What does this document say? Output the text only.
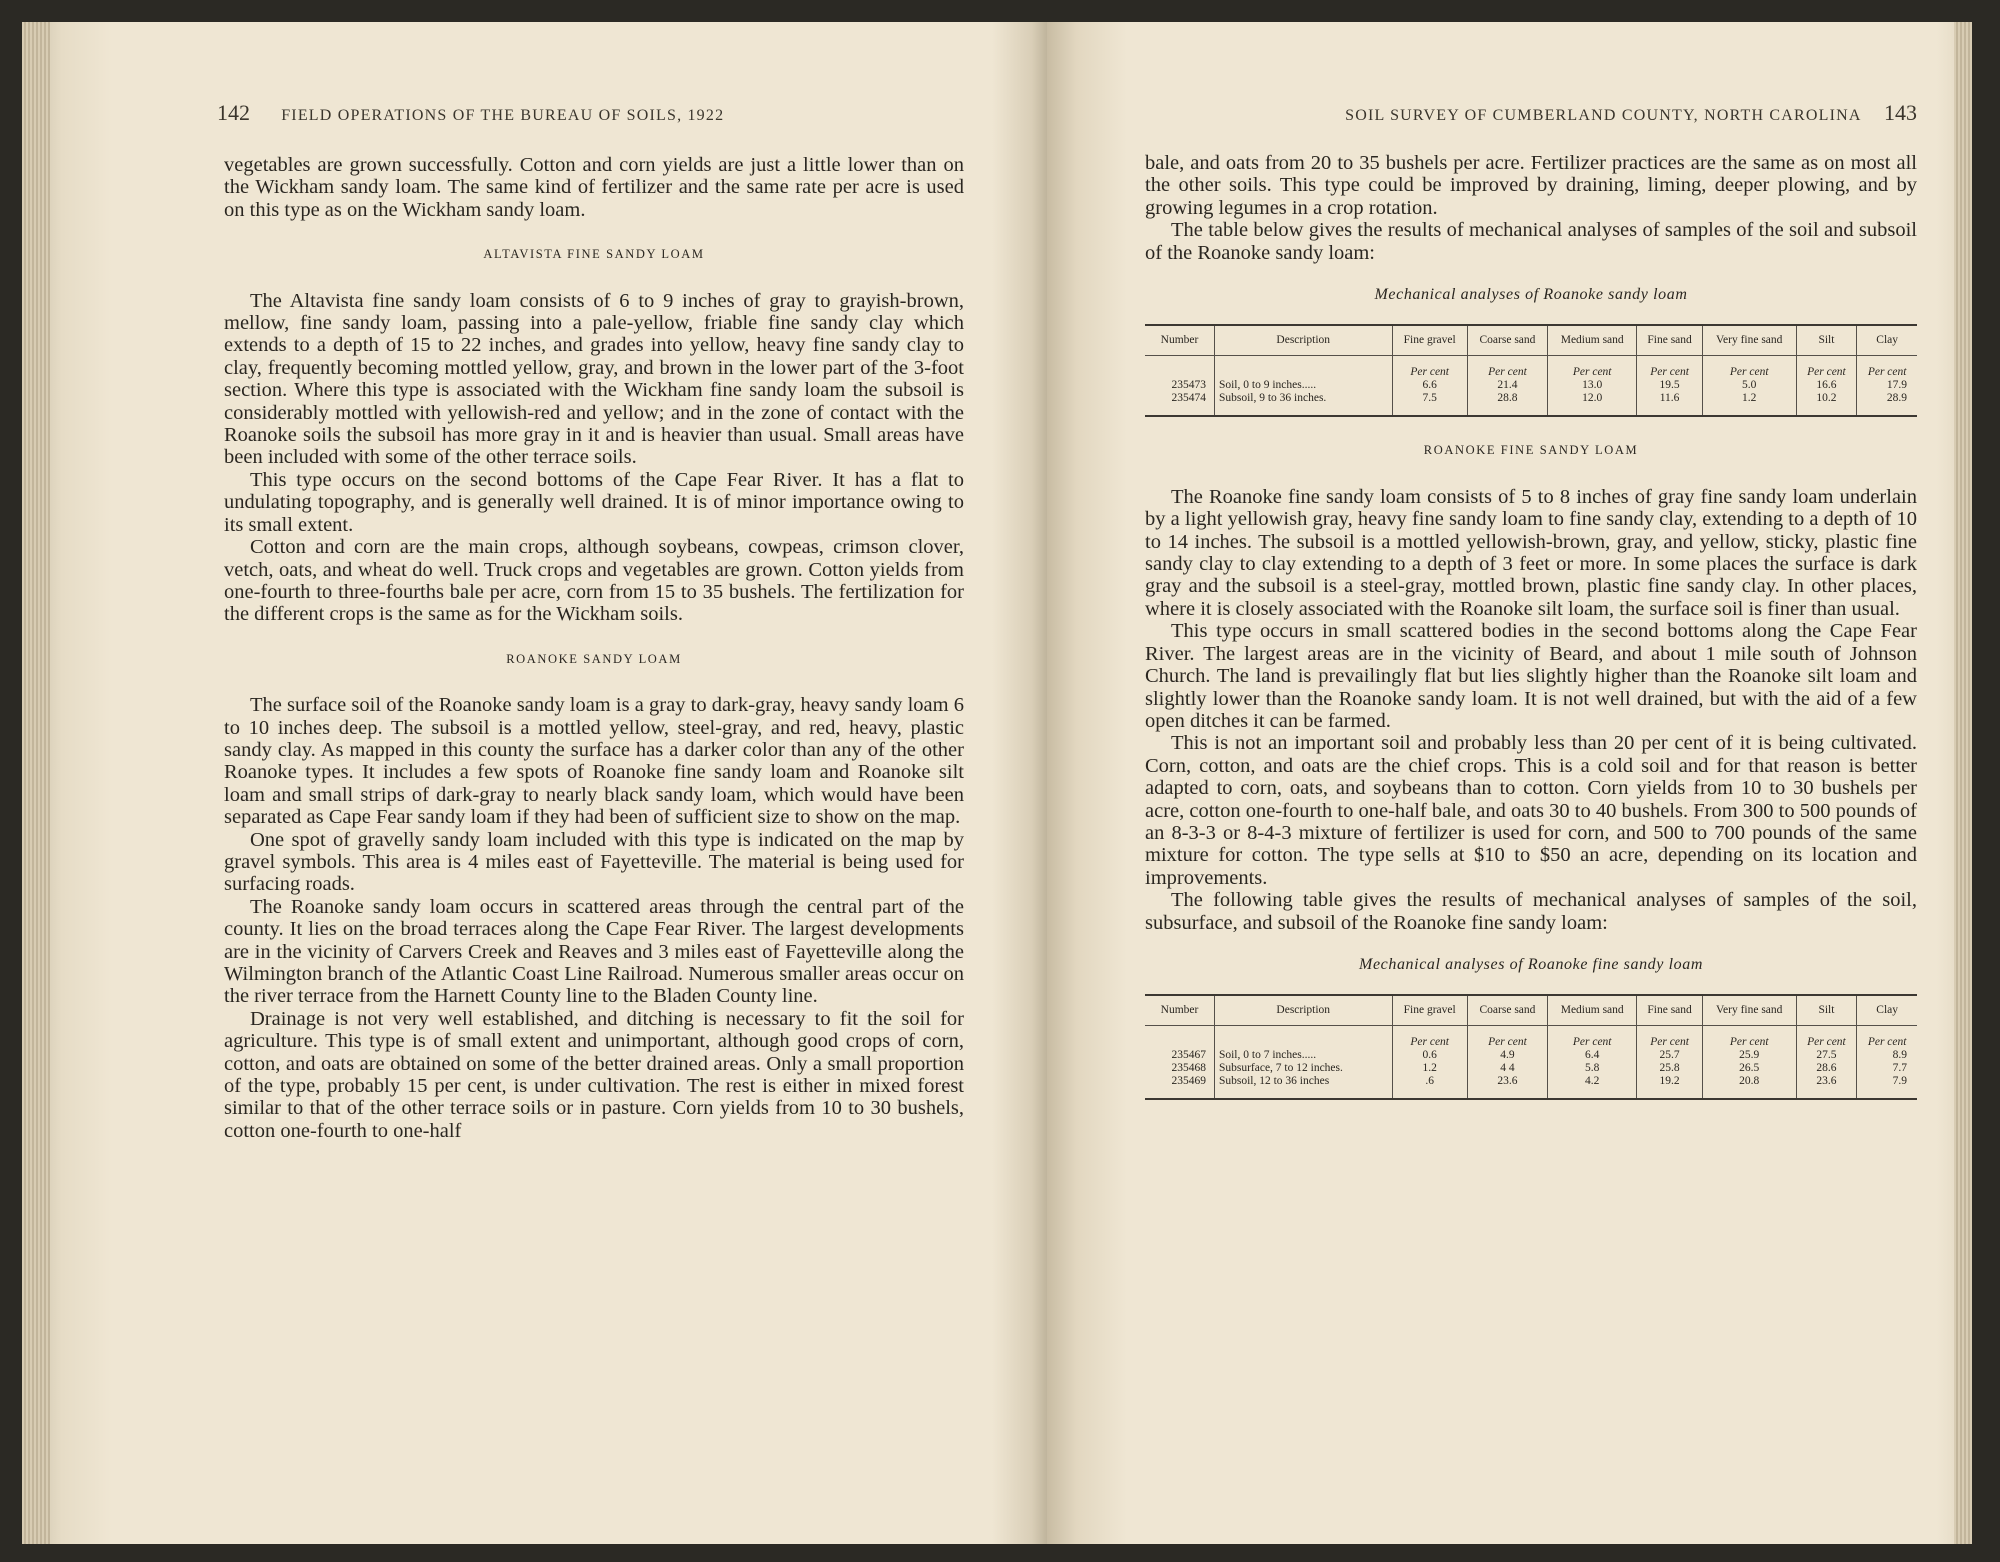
142 FIELD OPERATIONS OF THE BUREAU OF SOILS, 1922

vegetables are grown successfully. Cotton and corn yields are just a little lower than on the Wickham sandy loam. The same kind of fertilizer and the same rate per acre is used on this type as on the Wickham sandy loam.

ALTAVISTA FINE SANDY LOAM

The Altavista fine sandy loam consists of 6 to 9 inches of gray to grayish-brown, mellow, fine sandy loam, passing into a pale-yellow, friable fine sandy clay which extends to a depth of 15 to 22 inches, and grades into yellow, heavy fine sandy clay to clay, frequently becoming mottled yellow, gray, and brown in the lower part of the 3-foot section. Where this type is associated with the Wickham fine sandy loam the subsoil is considerably mottled with yellowish-red and yellow; and in the zone of contact with the Roanoke soils the subsoil has more gray in it and is heavier than usual. Small areas have been included with some of the other terrace soils.

This type occurs on the second bottoms of the Cape Fear River. It has a flat to undulating topography, and is generally well drained. It is of minor importance owing to its small extent.

Cotton and corn are the main crops, although soybeans, cowpeas, crimson clover, vetch, oats, and wheat do well. Truck crops and vegetables are grown. Cotton yields from one-fourth to three-fourths bale per acre, corn from 15 to 35 bushels. The fertilization for the different crops is the same as for the Wickham soils.

ROANOKE SANDY LOAM

The surface soil of the Roanoke sandy loam is a gray to dark-gray, heavy sandy loam 6 to 10 inches deep. The subsoil is a mottled yellow, steel-gray, and red, heavy, plastic sandy clay. As mapped in this county the surface has a darker color than any of the other Roanoke types. It includes a few spots of Roanoke fine sandy loam and Roanoke silt loam and small strips of dark-gray to nearly black sandy loam, which would have been separated as Cape Fear sandy loam if they had been of sufficient size to show on the map.

One spot of gravelly sandy loam included with this type is indicated on the map by gravel symbols. This area is 4 miles east of Fayetteville. The material is being used for surfacing roads.

The Roanoke sandy loam occurs in scattered areas through the central part of the county. It lies on the broad terraces along the Cape Fear River. The largest developments are in the vicinity of Carvers Creek and Reaves and 3 miles east of Fayetteville along the Wilmington branch of the Atlantic Coast Line Railroad. Numerous smaller areas occur on the river terrace from the Harnett County line to the Bladen County line.

Drainage is not very well established, and ditching is necessary to fit the soil for agriculture. This type is of small extent and unimportant, although good crops of corn, cotton, and oats are obtained on some of the better drained areas. Only a small proportion of the type, probably 15 per cent, is under cultivation. The rest is either in mixed forest similar to that of the other terrace soils or in pasture. Corn yields from 10 to 30 bushels, cotton one-fourth to one-half

SOIL SURVEY OF CUMBERLAND COUNTY, NORTH CAROLINA 143

bale, and oats from 20 to 35 bushels per acre. Fertilizer practices are the same as on most all the other soils. This type could be improved by draining, liming, deeper plowing, and by growing legumes in a crop rotation.

The table below gives the results of mechanical analyses of samples of the soil and subsoil of the Roanoke sandy loam:

Mechanical analyses of Roanoke sandy loam
Number	Description	Fine gravel	Coarse sand	Medium sand	Fine sand	Very fine sand	Silt	Clay
		Per cent	Per cent	Per cent	Per cent	Per cent	Per cent	Per cent
235473	Soil, 0 to 9 inches.....	6.6	21.4	13.0	19.5	5.0	16.6	17.9
235474	Subsoil, 9 to 36 inches.	7.5	28.8	12.0	11.6	1.2	10.2	28.9
ROANOKE FINE SANDY LOAM

The Roanoke fine sandy loam consists of 5 to 8 inches of gray fine sandy loam underlain by a light yellowish gray, heavy fine sandy loam to fine sandy clay, extending to a depth of 10 to 14 inches. The subsoil is a mottled yellowish-brown, gray, and yellow, sticky, plastic fine sandy clay to clay extending to a depth of 3 feet or more. In some places the surface is dark gray and the subsoil is a steel-gray, mottled brown, plastic fine sandy clay. In other places, where it is closely associated with the Roanoke silt loam, the surface soil is finer than usual.

This type occurs in small scattered bodies in the second bottoms along the Cape Fear River. The largest areas are in the vicinity of Beard, and about 1 mile south of Johnson Church. The land is prevailingly flat but lies slightly higher than the Roanoke silt loam and slightly lower than the Roanoke sandy loam. It is not well drained, but with the aid of a few open ditches it can be farmed.

This is not an important soil and probably less than 20 per cent of it is being cultivated. Corn, cotton, and oats are the chief crops. This is a cold soil and for that reason is better adapted to corn, oats, and soybeans than to cotton. Corn yields from 10 to 30 bushels per acre, cotton one-fourth to one-half bale, and oats 30 to 40 bushels. From 300 to 500 pounds of an 8-3-3 or 8-4-3 mixture of fertilizer is used for corn, and 500 to 700 pounds of the same mixture for cotton. The type sells at $10 to $50 an acre, depending on its location and improvements.

The following table gives the results of mechanical analyses of samples of the soil, subsurface, and subsoil of the Roanoke fine sandy loam:

Mechanical analyses of Roanoke fine sandy loam
Number	Description	Fine gravel	Coarse sand	Medium sand	Fine sand	Very fine sand	Silt	Clay
		Per cent	Per cent	Per cent	Per cent	Per cent	Per cent	Per cent
235467	Soil, 0 to 7 inches.....	0.6	4.9	6.4	25.7	25.9	27.5	8.9
235468	Subsurface, 7 to 12 inches.	1.2	4 4	5.8	25.8	26.5	28.6	7.7
235469	Subsoil, 12 to 36 inches	.6	23.6	4.2	19.2	20.8	23.6	7.9
